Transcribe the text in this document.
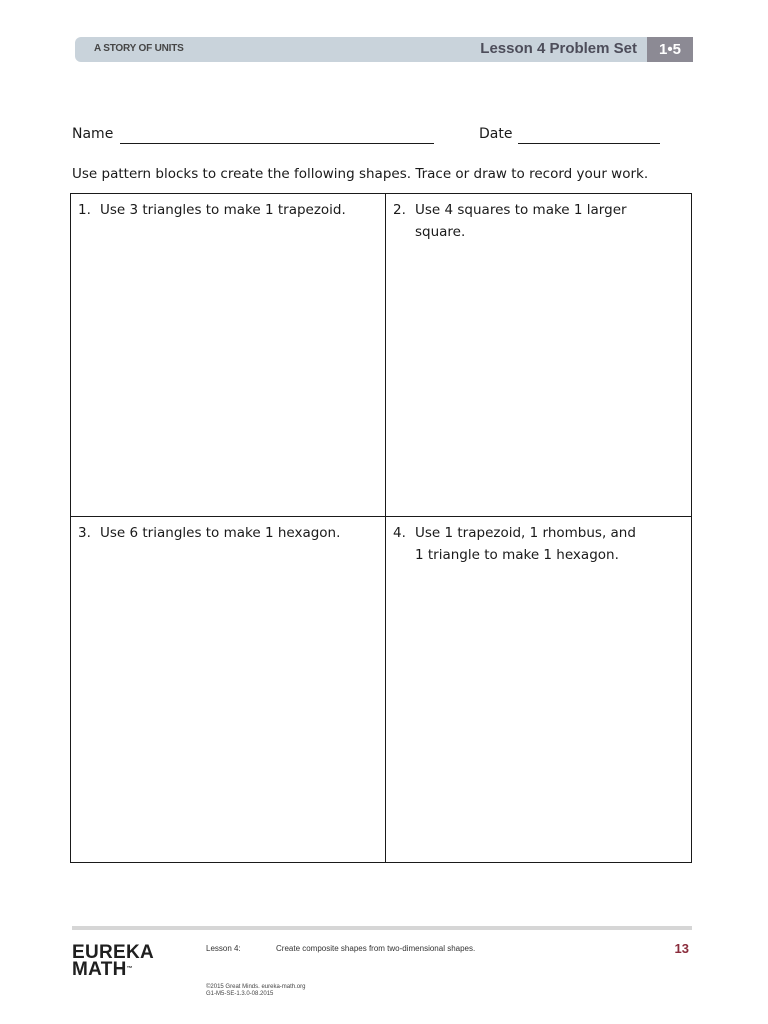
A STORY OF UNITS	Lesson 4 Problem Set	1•5
Name	Date
Use pattern blocks to create the following shapes. Trace or draw to record your work.
1. Use 3 triangles to make 1 trapezoid.	2. Use 4 squares to make 1 larger square.
3. Use 6 triangles to make 1 hexagon.	4. Use 1 trapezoid, 1 rhombus, and 1 triangle to make 1 hexagon.
EUREKA
MATH™
Lesson 4:	Create composite shapes from two-dimensional shapes.	13
©2015 Great Minds. eureka-math.org
G1-M5-SE-1.3.0-08.2015
